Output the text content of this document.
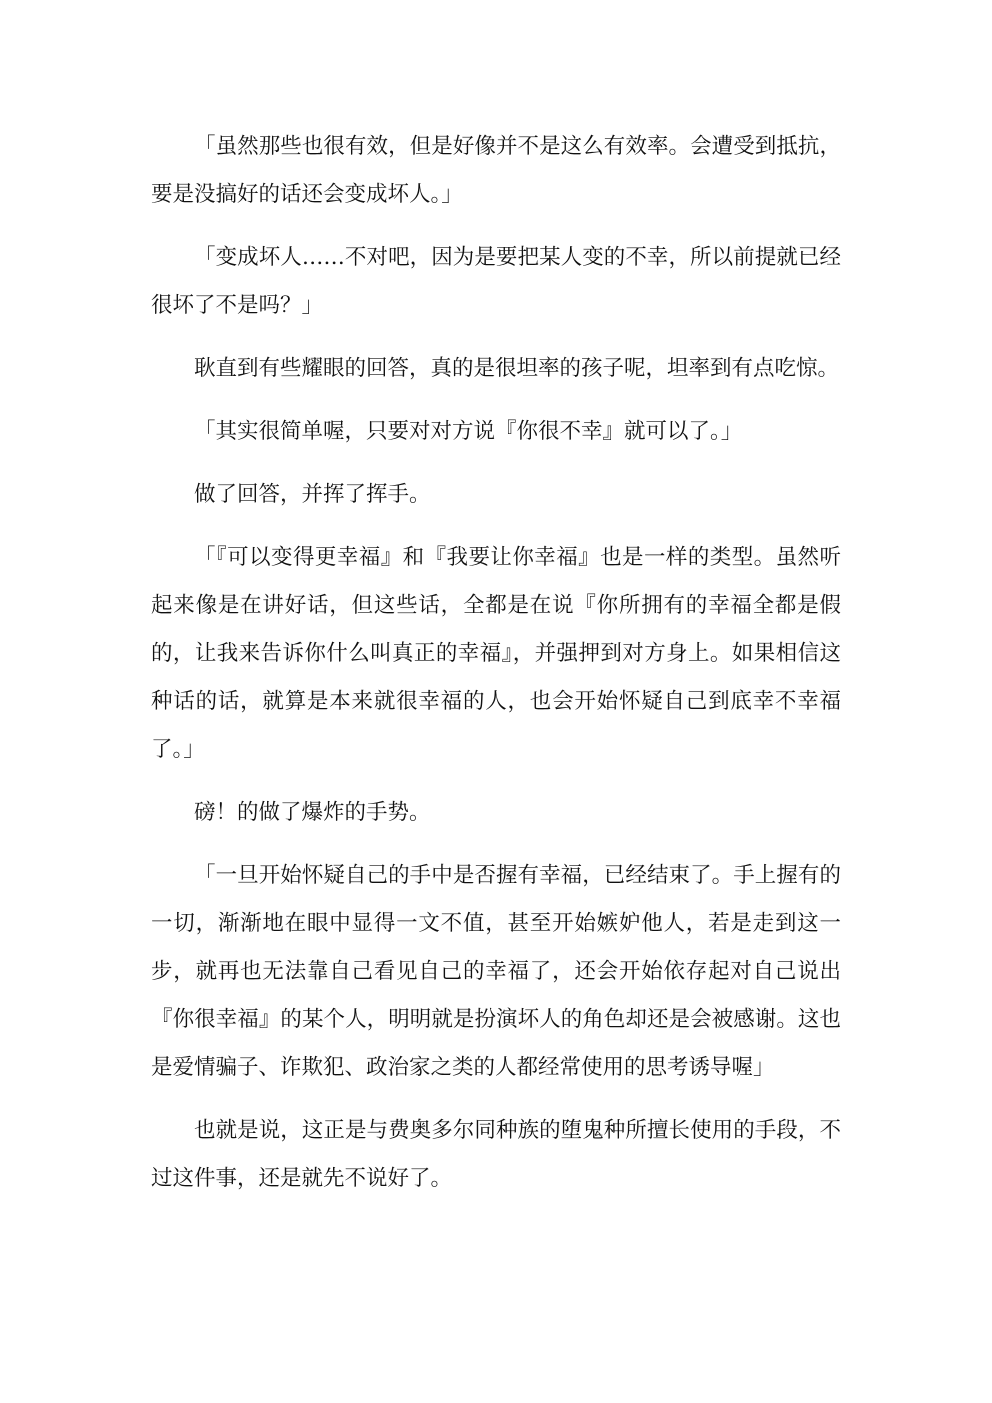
「虽然那些也很有效，但是好像并不是这么有效率。会遭受到抵抗，要是没搞好的话还会变成坏人。」

「变成坏人……不对吧，因为是要把某人变的不幸，所以前提就已经很坏了不是吗？」

耿直到有些耀眼的回答，真的是很坦率的孩子呢，坦率到有点吃惊。

「其实很简单喔，只要对对方说『你很不幸』就可以了。」

做了回答，并挥了挥手。

「『可以变得更幸福』和『我要让你幸福』也是一样的类型。虽然听起来像是在讲好话，但这些话，全都是在说『你所拥有的幸福全都是假的，让我来告诉你什么叫真正的幸福』，并强押到对方身上。如果相信这种话的话，就算是本来就很幸福的人，也会开始怀疑自己到底幸不幸福了。」

磅！的做了爆炸的手势。

「一旦开始怀疑自己的手中是否握有幸福，已经结束了。手上握有的一切，渐渐地在眼中显得一文不值，甚至开始嫉妒他人，若是走到这一步，就再也无法靠自己看见自己的幸福了，还会开始依存起对自己说出『你很幸福』的某个人，明明就是扮演坏人的角色却还是会被感谢。这也是爱情骗子、诈欺犯、政治家之类的人都经常使用的思考诱导喔」

也就是说，这正是与费奥多尔同种族的堕鬼种所擅长使用的手段，不过这件事，还是就先不说好了。
